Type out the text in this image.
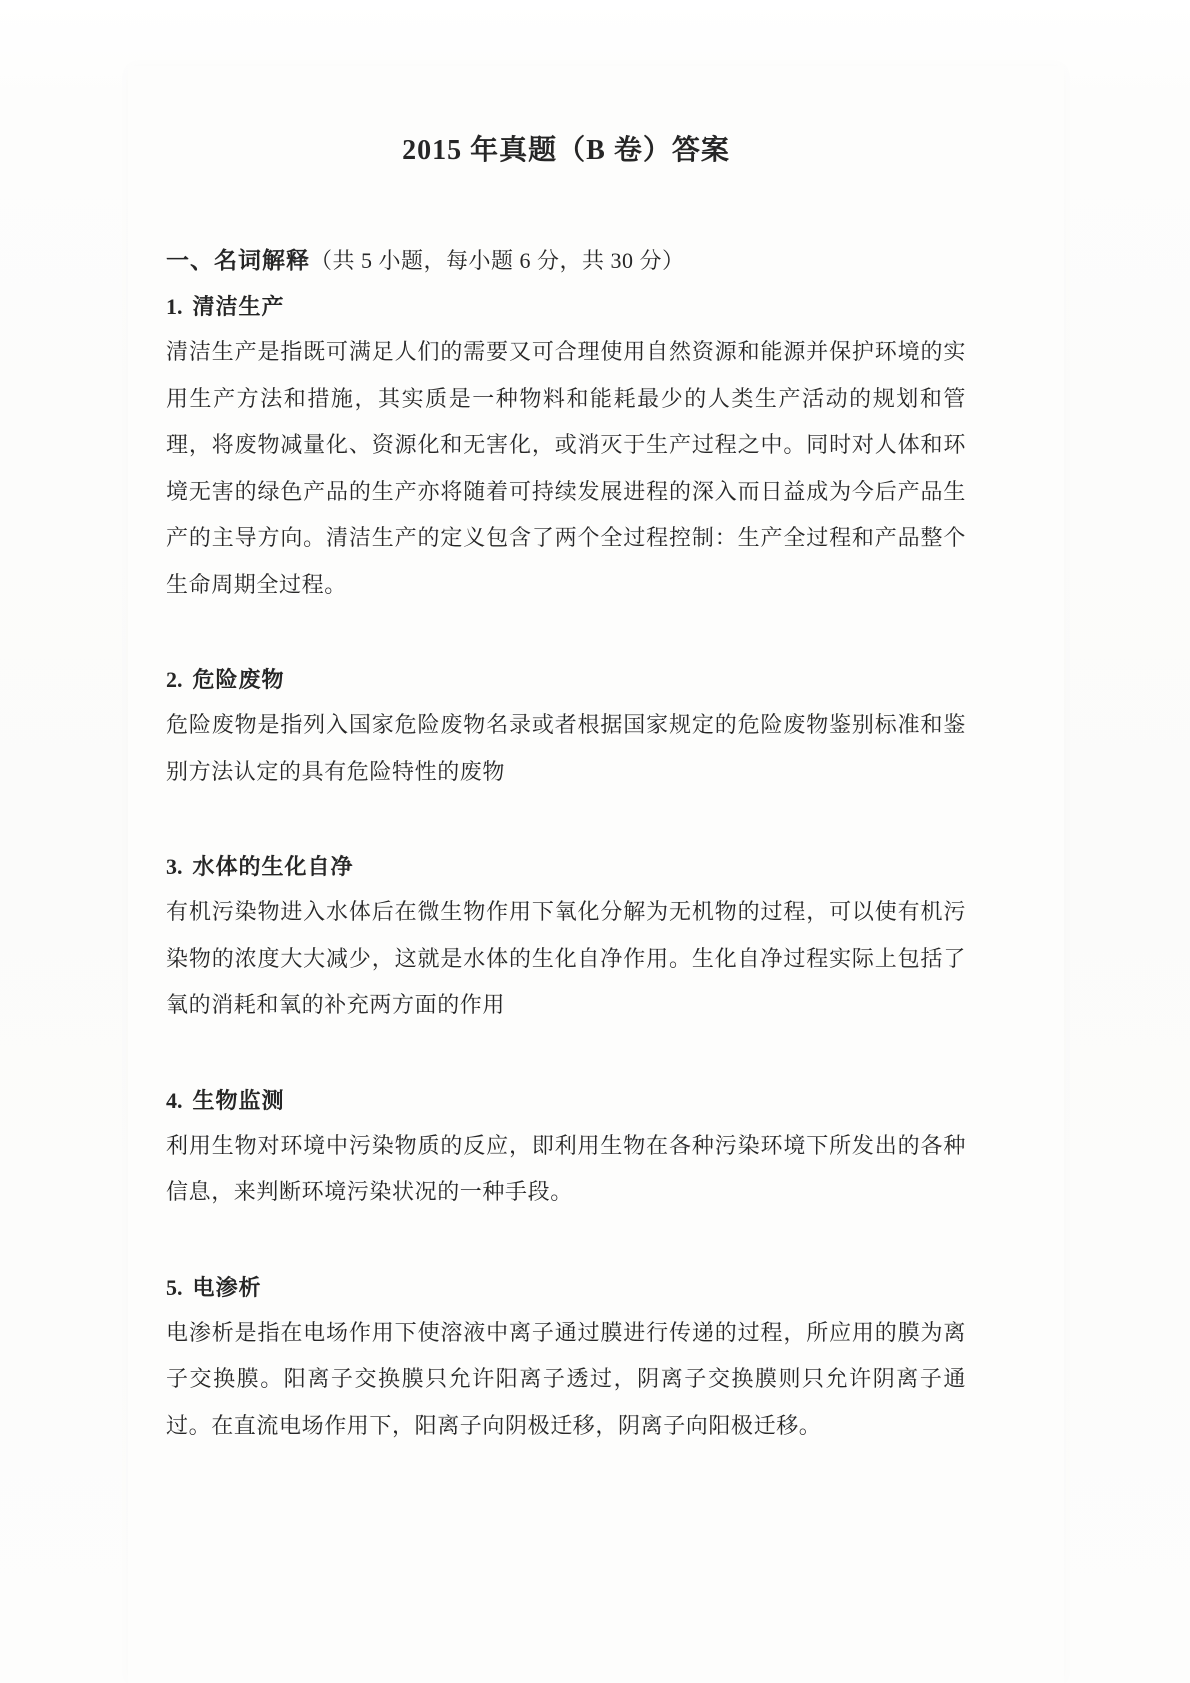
2015 年真题（B 卷）答案
一、名词解释（共 5 小题，每小题 6 分，共 30 分）
1. 清洁生产
清洁生产是指既可满足人们的需要又可合理使用自然资源和能源并保护环境的实用生产方法和措施，其实质是一种物料和能耗最少的人类生产活动的规划和管理，将废物减量化、资源化和无害化，或消灭于生产过程之中。同时对人体和环境无害的绿色产品的生产亦将随着可持续发展进程的深入而日益成为今后产品生产的主导方向。清洁生产的定义包含了两个全过程控制：生产全过程和产品整个生命周期全过程。
2. 危险废物
危险废物是指列入国家危险废物名录或者根据国家规定的危险废物鉴别标准和鉴别方法认定的具有危险特性的废物
3. 水体的生化自净
有机污染物进入水体后在微生物作用下氧化分解为无机物的过程，可以使有机污染物的浓度大大减少，这就是水体的生化自净作用。生化自净过程实际上包括了氧的消耗和氧的补充两方面的作用
4. 生物监测
利用生物对环境中污染物质的反应，即利用生物在各种污染环境下所发出的各种信息，来判断环境污染状况的一种手段。
5. 电渗析
电渗析是指在电场作用下使溶液中离子通过膜进行传递的过程，所应用的膜为离子交换膜。阳离子交换膜只允许阳离子透过，阴离子交换膜则只允许阴离子通过。在直流电场作用下，阳离子向阴极迁移，阴离子向阳极迁移。
